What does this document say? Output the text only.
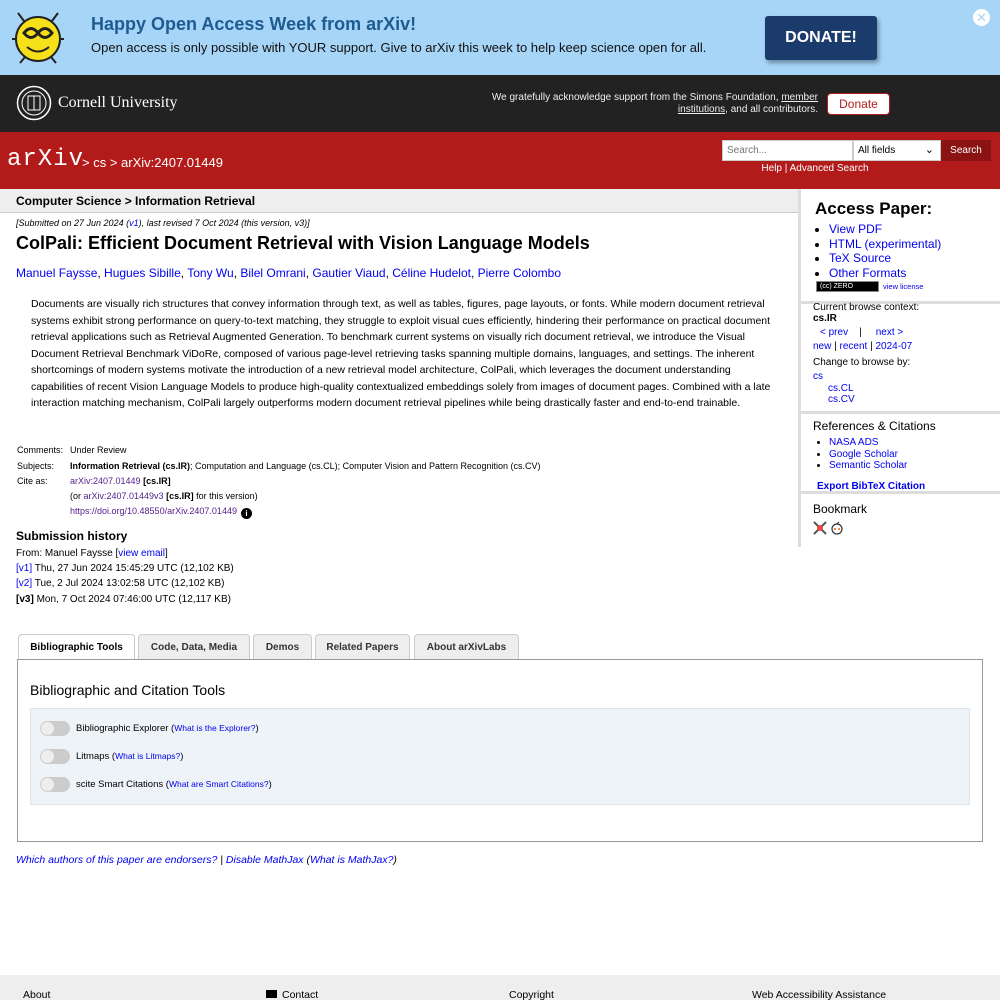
Happy Open Access Week from arXiv!
Open access is only possible with YOUR support. Give to arXiv this week to help keep science open for all.
DONATE!
✕
Cornell University	We gratefully acknowledge support from the Simons Foundation, member institutions, and all contributors.	Donate
arXiv
> cs > arXiv:2407.01449
Search...
All fields	⌄	Search
Help | Advanced Search
Computer Science > Information Retrieval
[Submitted on 27 Jun 2024 (v1), last revised 7 Oct 2024 (this version, v3)]
ColPali: Efficient Document Retrieval with Vision Language Models
Manuel Faysse, Hugues Sibille, Tony Wu, Bilel Omrani, Gautier Viaud, Céline Hudelot, Pierre Colombo
Documents are visually rich structures that convey information through text, as well as tables, figures, page layouts, or fonts. While modern document retrieval systems exhibit strong performance on query-to-text matching, they struggle to exploit visual cues efficiently, hindering their performance on practical document retrieval applications such as Retrieval Augmented Generation. To benchmark current systems on visually rich document retrieval, we introduce the Visual Document Retrieval Benchmark ViDoRe, composed of various page-level retrieving tasks spanning multiple domains, languages, and settings. The inherent shortcomings of modern systems motivate the introduction of a new retrieval model architecture, ColPali, which leverages the document understanding capabilities of recent Vision Language Models to produce high-quality contextualized embeddings solely from images of document pages. Combined with a late interaction matching mechanism, ColPali largely outperforms modern document retrieval pipelines while being drastically faster and end-to-end trainable.
Comments: Under Review
Subjects: Information Retrieval (cs.IR); Computation and Language (cs.CL); Computer Vision and Pattern Recognition (cs.CV)
Cite as: arXiv:2407.01449 [cs.IR]
(or arXiv:2407.01449v3 [cs.IR] for this version)
https://doi.org/10.48550/arXiv.2407.01449 i
Submission history
From: Manuel Faysse [view email]
[v1] Thu, 27 Jun 2024 15:45:29 UTC (12,102 KB)
[v2] Tue, 2 Jul 2024 13:02:58 UTC (12,102 KB)
[v3] Mon, 7 Oct 2024 07:46:00 UTC (12,117 KB)
Bibliographic Tools	Code, Data, Media	Demos	Related Papers	About arXivLabs
Bibliographic and Citation Tools
Bibliographic Explorer (What is the Explorer?)
Litmaps (What is Litmaps?)
scite Smart Citations (What are Smart Citations?)
Which authors of this paper are endorsers? | Disable MathJax (What is MathJax?)
About	Contact	Copyright	Web Accessibility Assistance
Access Paper:
• View PDF
• HTML (experimental)
• TeX Source
• Other Formats
(cc) ZERO	view license
Current browse context:
cs.IR
< prev | next >
new | recent | 2024-07
Change to browse by:
cs
cs.CL
cs.CV
References & Citations
• NASA ADS
• Google Scholar
• Semantic Scholar
Export BibTeX Citation
Bookmark
